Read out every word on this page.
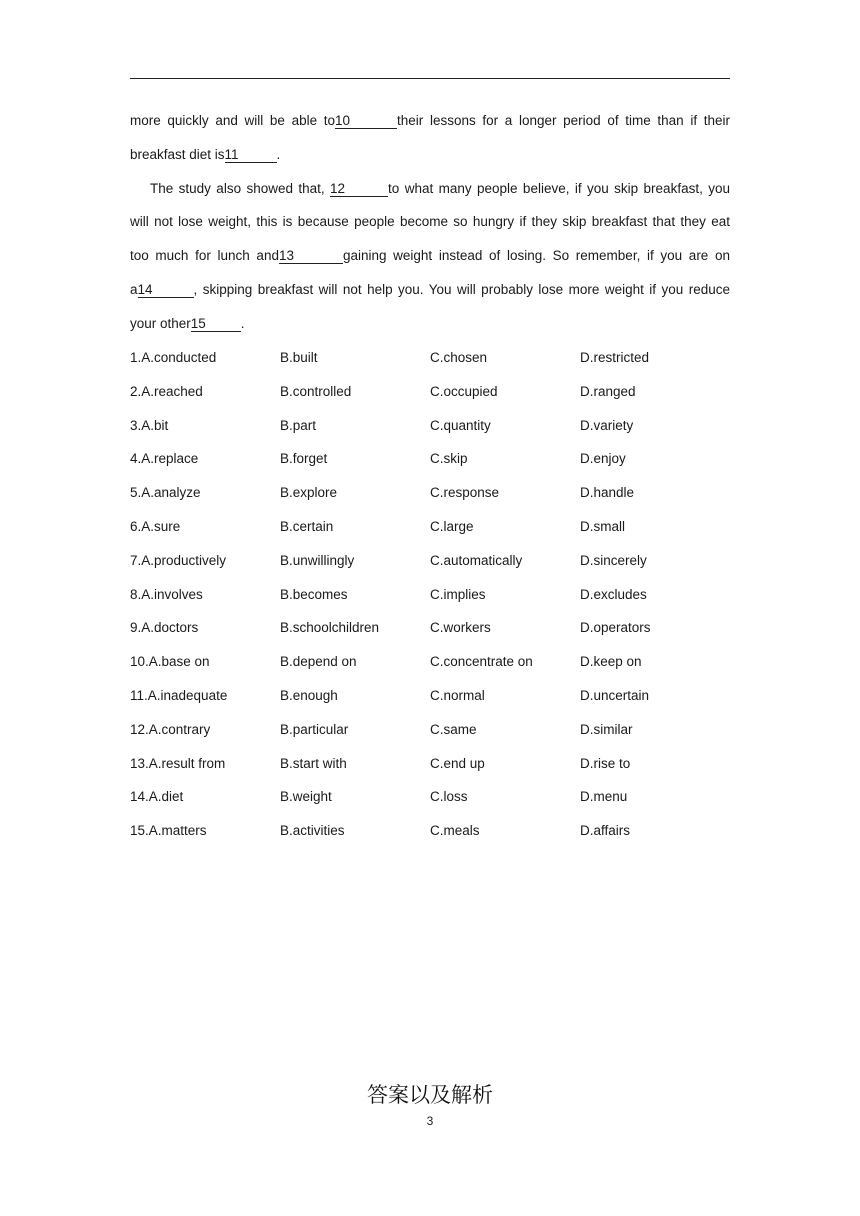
more quickly and will be able to10	their lessons for a longer period of time than if their
breakfast diet is11	.
The study also showed that, 12	to what many people believe, if you skip breakfast, you
will not lose weight, this is because people become so hungry if they skip breakfast that they eat
too much for lunch and13	gaining weight instead of losing. So remember, if you are on
a14	, skipping breakfast will not help you. You will probably lose more weight if you reduce
your other15	.
1.A.conducted	B.built	C.chosen	D.restricted
2.A.reached	B.controlled	C.occupied	D.ranged
3.A.bit	B.part	C.quantity	D.variety
4.A.replace	B.forget	C.skip	D.enjoy
5.A.analyze	B.explore	C.response	D.handle
6.A.sure	B.certain	C.large	D.small
7.A.productively	B.unwillingly	C.automatically	D.sincerely
8.A.involves	B.becomes	C.implies	D.excludes
9.A.doctors	B.schoolchildren	C.workers	D.operators
10.A.base on	B.depend on	C.concentrate on	D.keep on
11.A.inadequate	B.enough	C.normal	D.uncertain
12.A.contrary	B.particular	C.same	D.similar
13.A.result from	B.start with	C.end up	D.rise to
14.A.diet	B.weight	C.loss	D.menu
15.A.matters	B.activities	C.meals	D.affairs
答案以及解析
3
